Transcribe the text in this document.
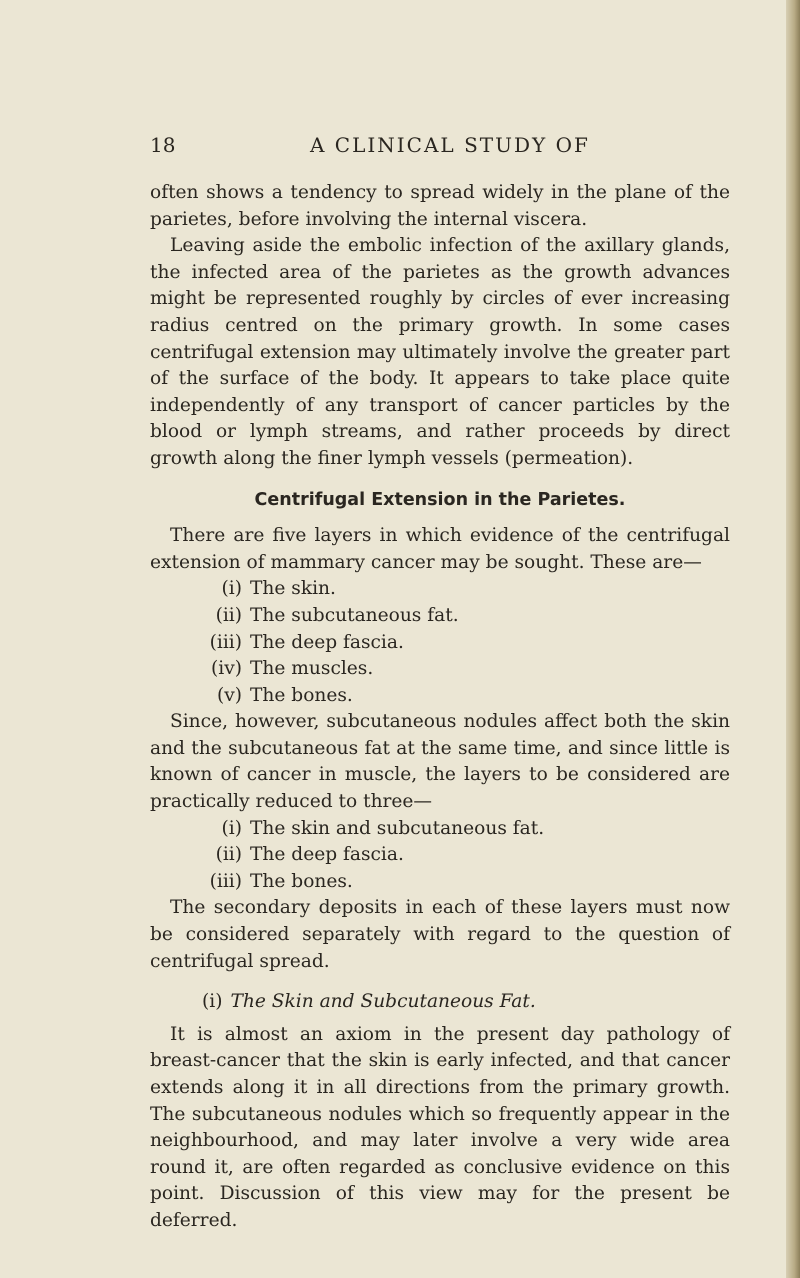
18	A CLINICAL STUDY OF

often shows a tendency to spread widely in the plane of the parietes, before involving the internal viscera.

Leaving aside the embolic infection of the axillary glands, the infected area of the parietes as the growth advances might be represented roughly by circles of ever increasing radius centred on the primary growth. In some cases centrifugal extension may ultimately involve the greater part of the surface of the body. It appears to take place quite independently of any transport of cancer particles by the blood or lymph streams, and rather proceeds by direct growth along the finer lymph vessels (permeation).

Centrifugal Extension in the Parietes.

There are five layers in which evidence of the centrifugal extension of mammary cancer may be sought. These are—

(i) The skin.
(ii) The subcutaneous fat.
(iii) The deep fascia.
(iv) The muscles.
(v) The bones.

Since, however, subcutaneous nodules affect both the skin and the subcutaneous fat at the same time, and since little is known of cancer in muscle, the layers to be considered are practically reduced to three—

(i) The skin and subcutaneous fat.
(ii) The deep fascia.
(iii) The bones.

The secondary deposits in each of these layers must now be considered separately with regard to the question of centrifugal spread.

(i) The Skin and Subcutaneous Fat.

It is almost an axiom in the present day pathology of breast-cancer that the skin is early infected, and that cancer extends along it in all directions from the primary growth. The subcutaneous nodules which so frequently appear in the neighbourhood, and may later involve a very wide area round it, are often regarded as conclusive evidence on this point. Discussion of this view may for the present be deferred.
